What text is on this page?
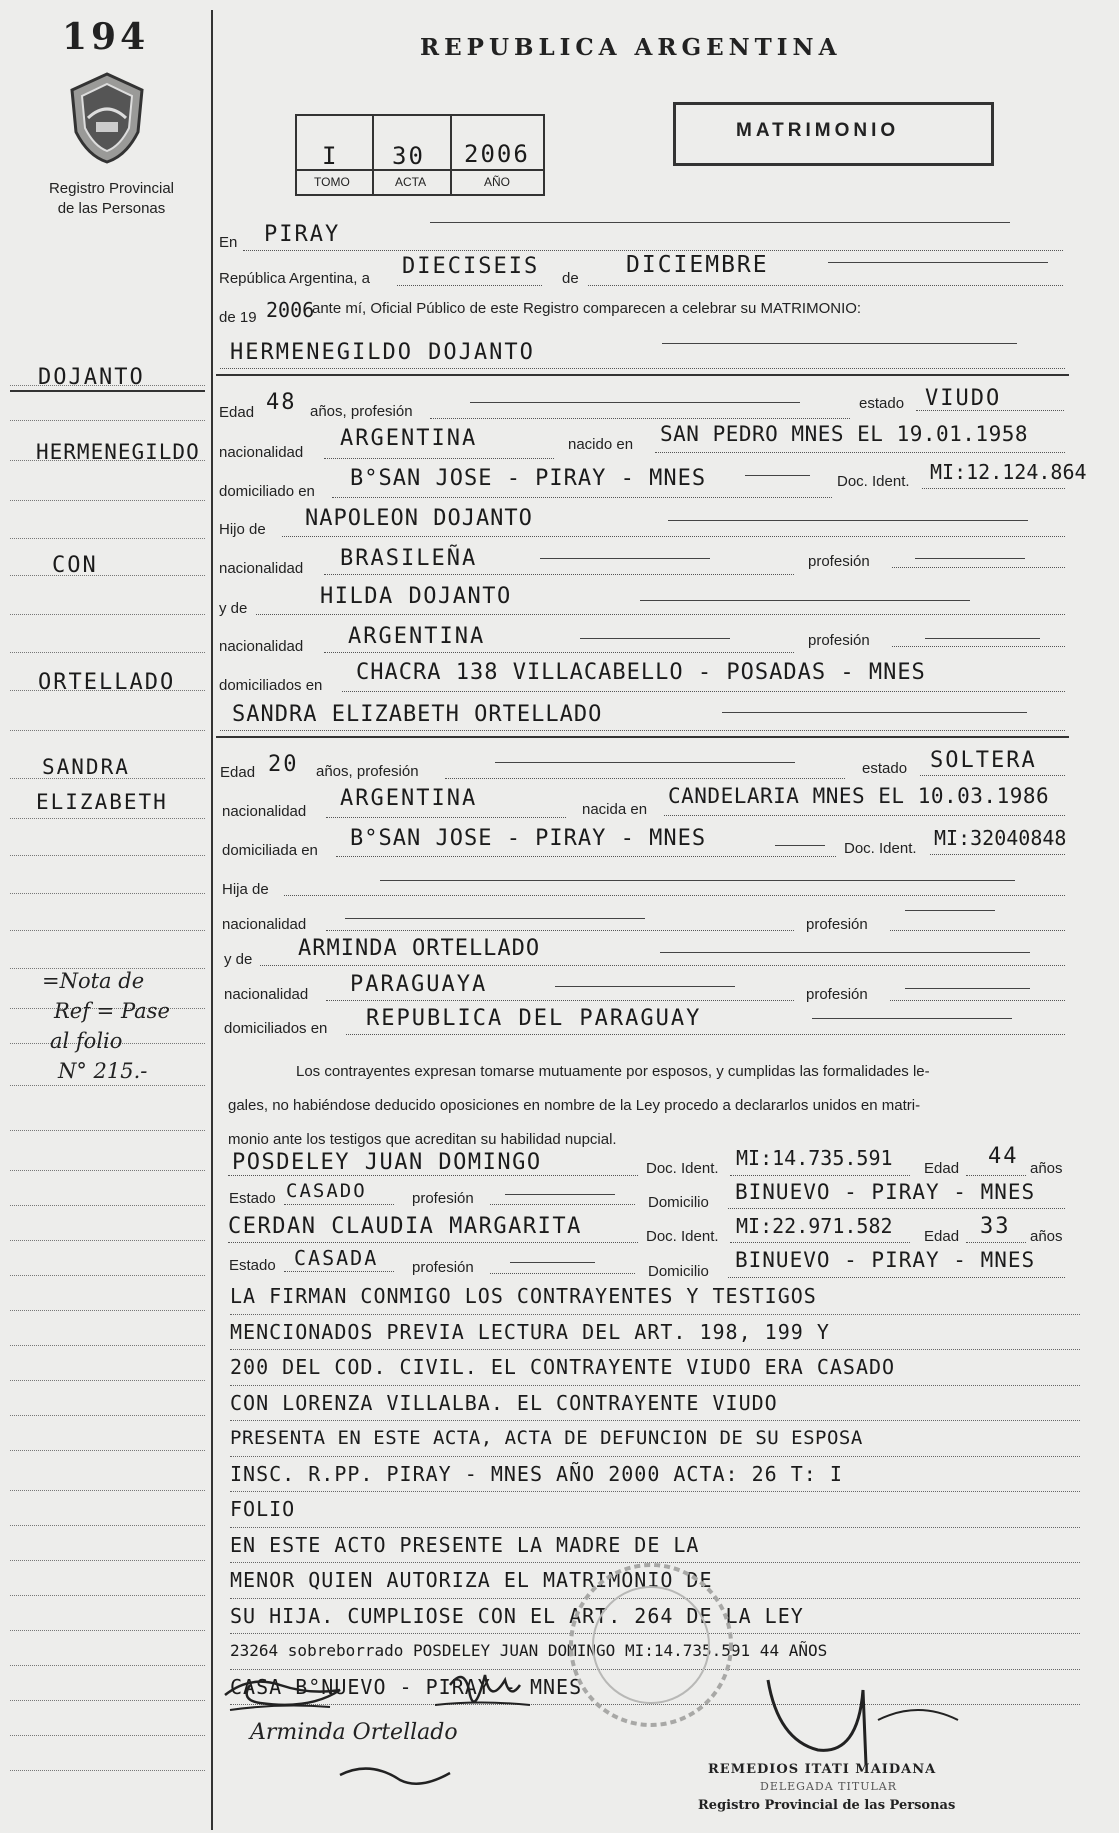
194
Registro Provincial
de las Personas
REPUBLICA ARGENTINA
MATRIMONIO
I 30 2006
TOMO	ACTA	AÑO
DOJANTO
HERMENEGILDO
CON
ORTELLADO
SANDRA
ELIZABETH
=Nota de
Ref = Pase
al folio
N° 215.-
En PIRAY
República Argentina, a DIECISEIS de
DICIEMBRE
de 19 2006
ante mí, Oficial Público de este Registro comparecen a celebrar su MATRIMONIO:
HERMENEGILDO DOJANTO
Edad 48 años, profesión	estado VIUDO
nacionalidad
ARGENTINA	nacido en SAN PEDRO MNES EL 19.01.1958
domiciliado en
B°SAN JOSE - PIRAY - MNES	Doc. Ident. MI:12.124.864
Hijo de NAPOLEON DOJANTO
nacionalidad BRASILEÑA	profesión
y de	HILDA DOJANTO
nacionalidad ARGENTINA	profesión
domiciliados en
CHACRA 138 VILLACABELLO - POSADAS - MNES
SANDRA ELIZABETH ORTELLADO
Edad 20 años, profesión	estado SOLTERA
nacionalidad
ARGENTINA	nacida en
CANDELARIA MNES EL 10.03.1986
domiciliada en B°SAN JOSE - PIRAY - MNES	Doc. Ident. MI:32040848
Hija de
nacionalidad	profesión
y de ARMINDA ORTELLADO
nacionalidad PARAGUAYA	profesión
domiciliados en REPUBLICA DEL PARAGUAY
Los contrayentes expresan tomarse mutuamente por esposos, y cumplidas las formalidades le-
gales, no habiéndose deducido oposiciones en nombre de la Ley procedo a declararlos unidos en matri-
monio ante los testigos que acreditan su habilidad nupcial.
POSDELEY JUAN DOMINGO	Doc. Ident. MI:14.735.591 Edad 44 años
Estado CASADO	profesión	Domicilio BINUEVO - PIRAY - MNES
CERDAN CLAUDIA MARGARITA	Doc. Ident. MI:22.971.582 Edad 33 años
Estado CASADA profesión	Domicilio BINUEVO - PIRAY - MNES
LA FIRMAN CONMIGO LOS CONTRAYENTES Y TESTIGOS
MENCIONADOS PREVIA LECTURA DEL ART. 198, 199 Y
200 DEL COD. CIVIL. EL CONTRAYENTE VIUDO ERA CASADO
CON LORENZA VILLALBA. EL CONTRAYENTE VIUDO
PRESENTA EN ESTE ACTA, ACTA DE DEFUNCION DE SU ESPOSA
INSC. R.PP. PIRAY - MNES AÑO 2000 ACTA: 26 T: I
FOLIO
EN ESTE ACTO PRESENTE LA MADRE DE LA
MENOR QUIEN AUTORIZA EL MATRIMONIO DE
SU HIJA. CUMPLIOSE CON EL ART. 264 DE LA LEY
23264 sobreborrado POSDELEY JUAN DOMINGO MI:14.735.591 44 AÑOS
CASA B°NUEVO - PIRAY - MNES
Arminda Ortellado
REMEDIOS ITATI MAIDANA
DELEGADA TITULAR
Registro Provincial de las Personas
